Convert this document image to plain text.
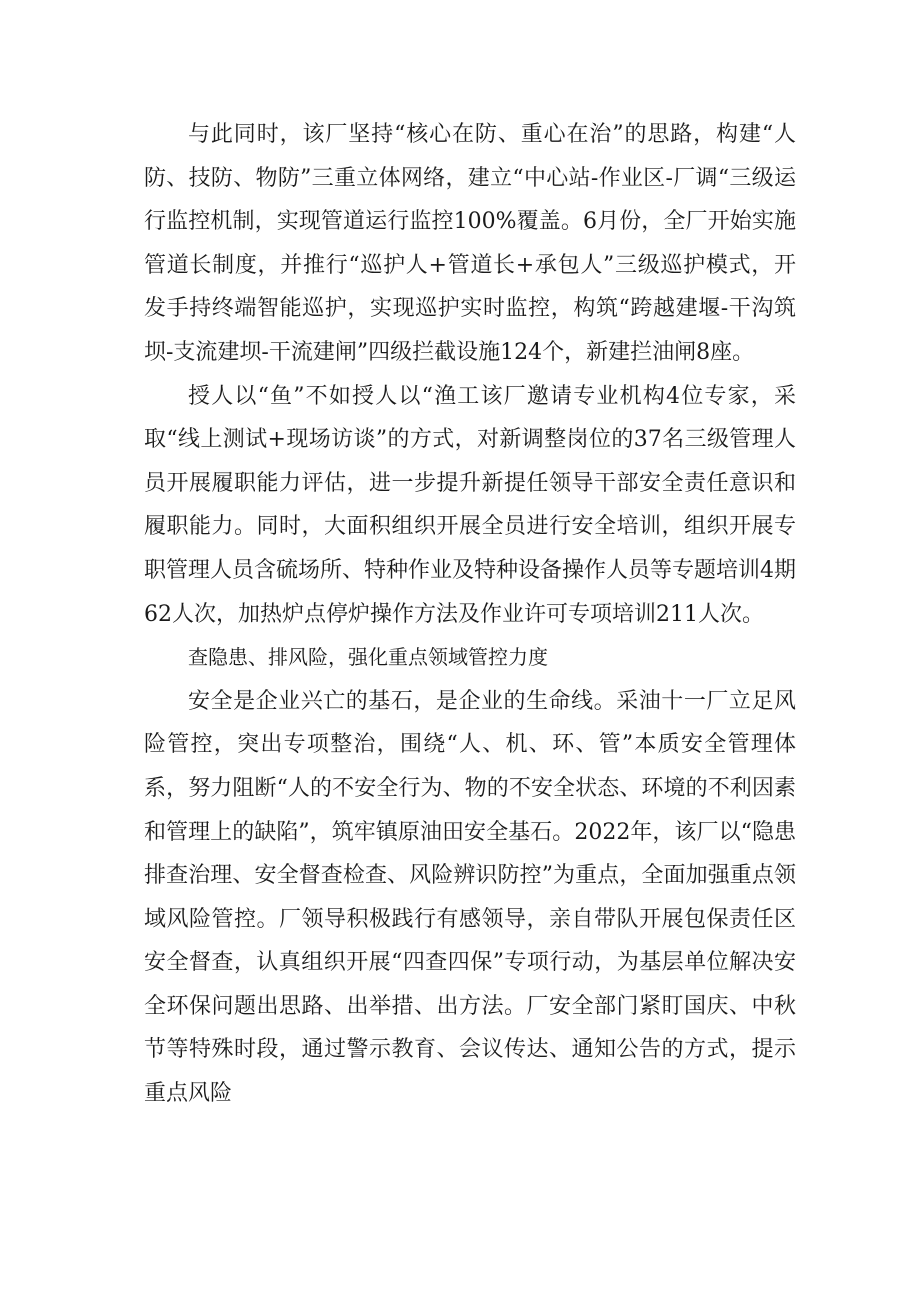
与此同时，该厂坚持“核心在防、重心在治”的思路，构建“人防、技防、物防”三重立体网络，建立“中心站-作业区-厂调“三级运行监控机制，实现管道运行监控100%覆盖。6月份，全厂开始实施管道长制度，并推行“巡护人+管道长+承包人”三级巡护模式，开发手持终端智能巡护，实现巡护实时监控，构筑“跨越建堰-干沟筑坝-支流建坝-干流建闸”四级拦截设施124个，新建拦油闸8座。

授人以“鱼”不如授人以“渔工该厂邀请专业机构4位专家，采取“线上测试+现场访谈”的方式，对新调整岗位的37名三级管理人员开展履职能力评估，进一步提升新提任领导干部安全责任意识和履职能力。同时，大面积组织开展全员进行安全培训，组织开展专职管理人员含硫场所、特种作业及特种设备操作人员等专题培训4期62人次，加热炉点停炉操作方法及作业许可专项培训211人次。

查隐患、排风险，强化重点领域管控力度

安全是企业兴亡的基石，是企业的生命线。采油十一厂立足风险管控，突出专项整治，围绕“人、机、环、管”本质安全管理体系，努力阻断“人的不安全行为、物的不安全状态、环境的不利因素和管理上的缺陷”，筑牢镇原油田安全基石。2022年，该厂以“隐患排查治理、安全督查检查、风险辨识防控”为重点，全面加强重点领域风险管控。厂领导积极践行有感领导，亲自带队开展包保责任区安全督查，认真组织开展“四查四保”专项行动，为基层单位解决安全环保问题出思路、出举措、出方法。厂安全部门紧盯国庆、中秋节等特殊时段，通过警示教育、会议传达、通知公告的方式，提示重点风险
